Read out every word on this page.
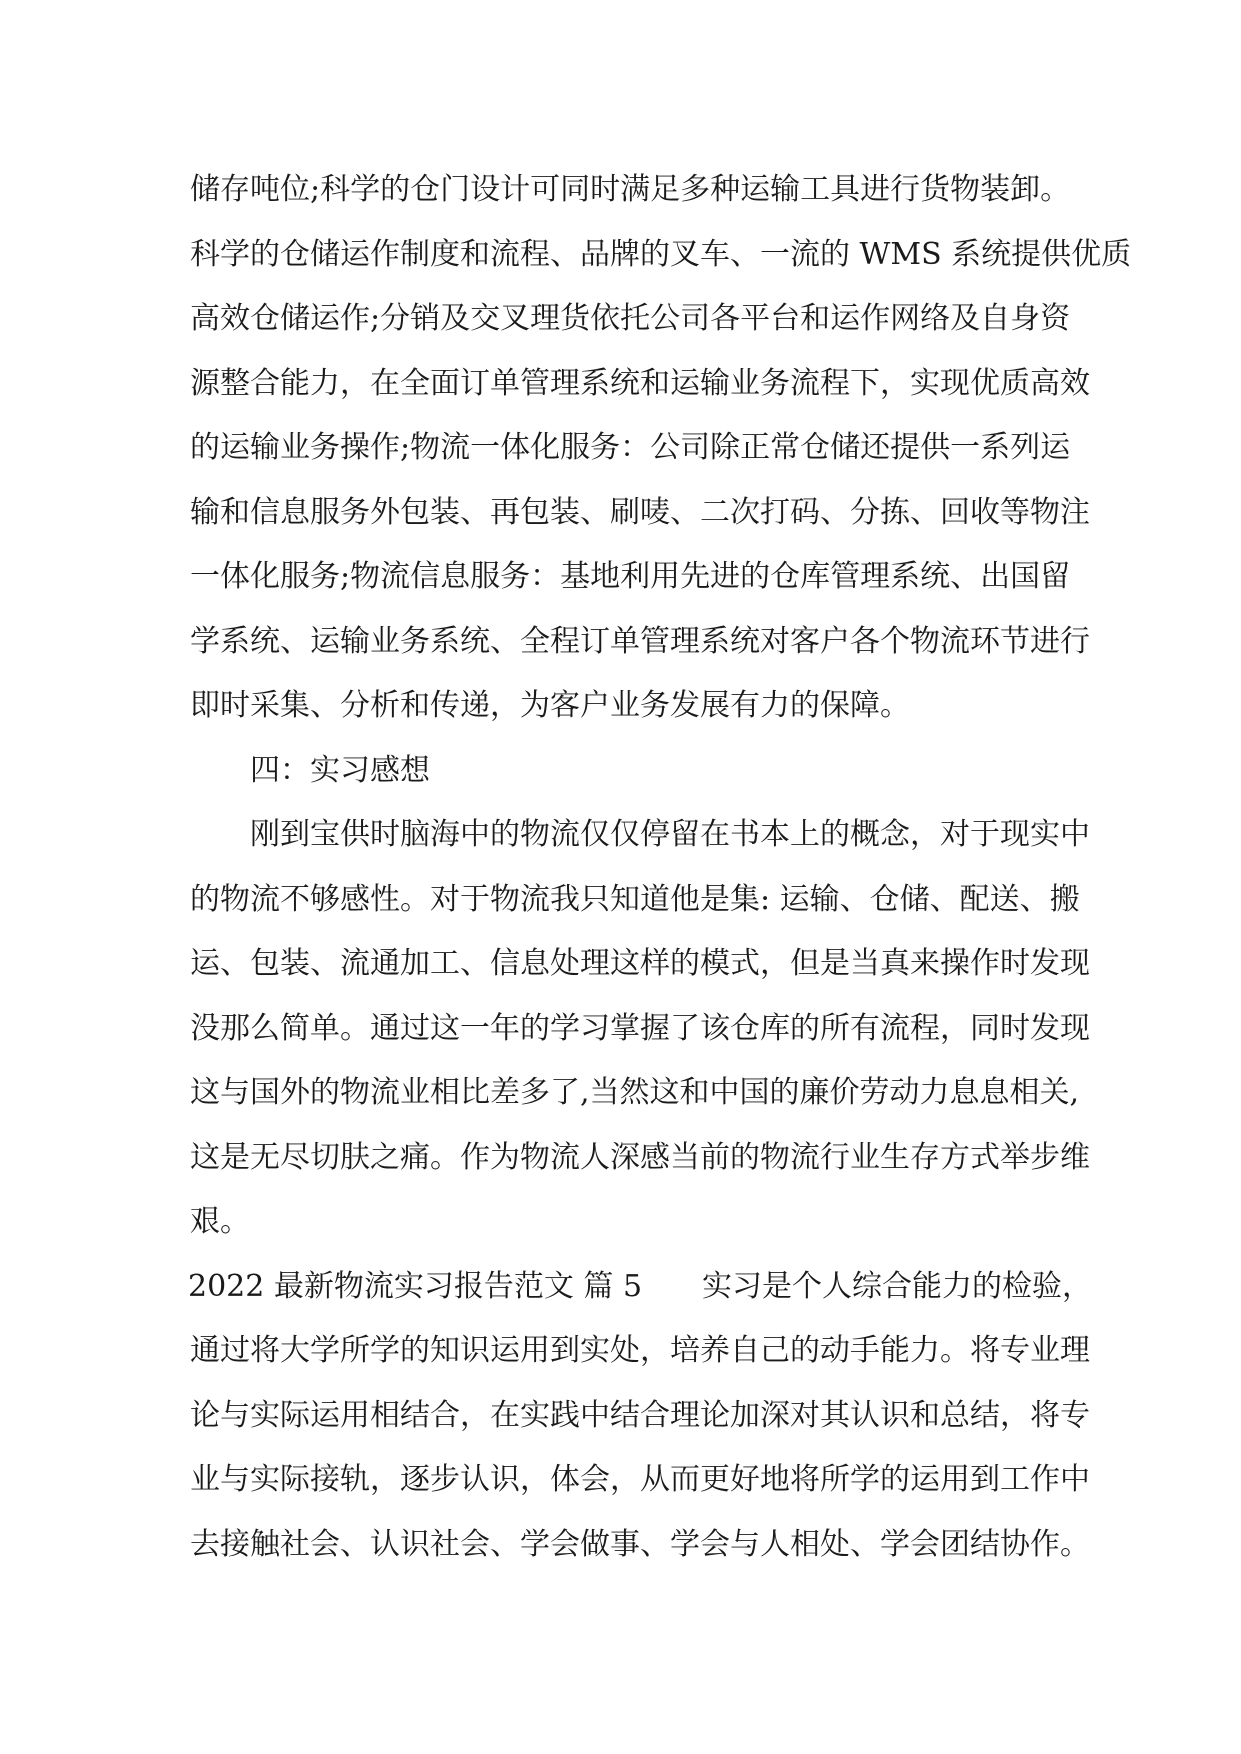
储存吨位;科学的仓门设计可同时满足多种运输工具进行货物装卸。
科学的仓储运作制度和流程、品牌的叉车、一流的 WMS 系统提供优质
高效仓储运作;分销及交叉理货依托公司各平台和运作网络及自身资
源整合能力，在全面订单管理系统和运输业务流程下，实现优质高效
的运输业务操作;物流一体化服务：公司除正常仓储还提供一系列运
输和信息服务外包装、再包装、刷唛、二次打码、分拣、回收等物注
一体化服务;物流信息服务：基地利用先进的仓库管理系统、出国留
学系统、运输业务系统、全程订单管理系统对客户各个物流环节进行
即时采集、分析和传递，为客户业务发展有力的保障。
四：实习感想
刚到宝供时脑海中的物流仅仅停留在书本上的概念，对于现实中
的物流不够感性。对于物流我只知道他是集: 运输、仓储、配送、搬
运、包装、流通加工、信息处理这样的模式，但是当真来操作时发现
没那么简单。通过这一年的学习掌握了该仓库的所有流程，同时发现
这与国外的物流业相比差多了,当然这和中国的廉价劳动力息息相关,
这是无尽切肤之痛。作为物流人深感当前的物流行业生存方式举步维
艰。
2022 最新物流实习报告范文 篇 5 实习是个人综合能力的检验，
通过将大学所学的知识运用到实处，培养自己的动手能力。将专业理
论与实际运用相结合，在实践中结合理论加深对其认识和总结，将专
业与实际接轨，逐步认识，体会，从而更好地将所学的运用到工作中
去接触社会、认识社会、学会做事、学会与人相处、学会团结协作。
